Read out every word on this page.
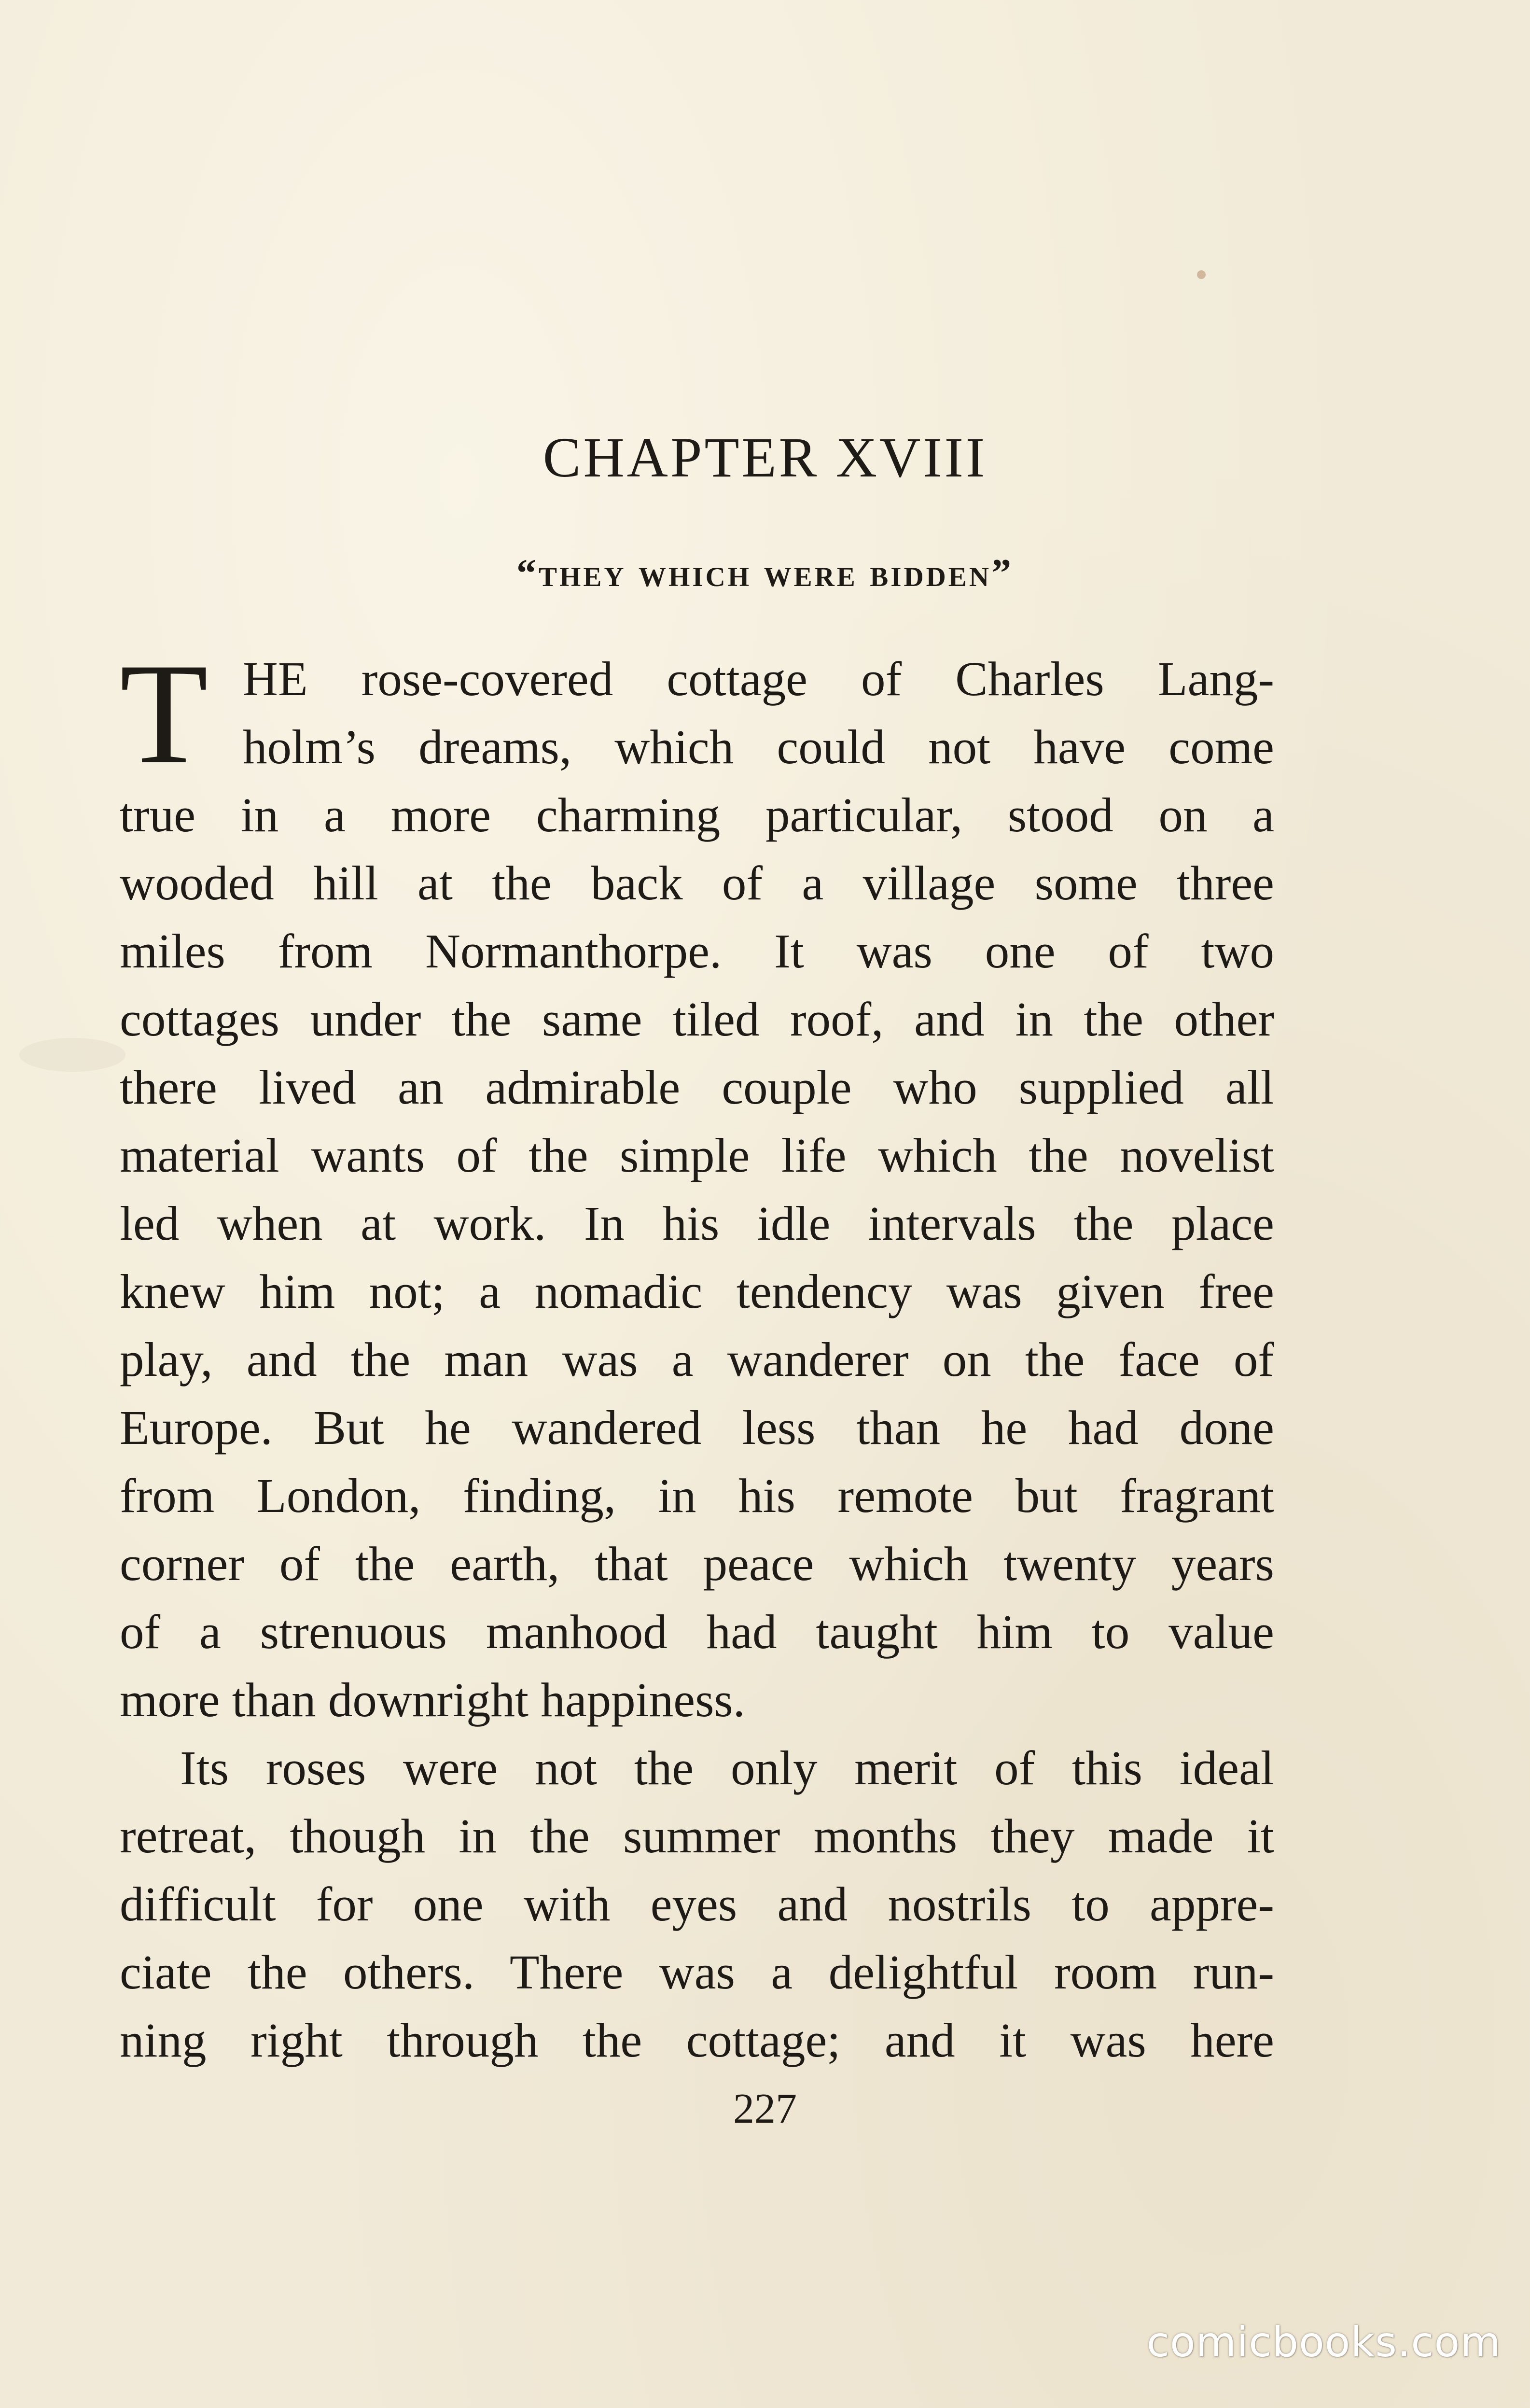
CHAPTER XVIII
“they which were bidden”
T HE rose-covered cottage of Charles Lang-
holm’s dreams, which could not have come
true in a more charming particular, stood on a
wooded hill at the back of a village some three
miles from Normanthorpe. It was one of two
cottages under the same tiled roof, and in the other
there lived an admirable couple who supplied all
material wants of the simple life which the novelist
led when at work. In his idle intervals the place
knew him not; a nomadic tendency was given free
play, and the man was a wanderer on the face of
Europe. But he wandered less than he had done
from London, finding, in his remote but fragrant
corner of the earth, that peace which twenty years
of a strenuous manhood had taught him to value
more than downright happiness.
Its roses were not the only merit of this ideal
retreat, though in the summer months they made it
difficult for one with eyes and nostrils to appre-
ciate the others. There was a delightful room run-
ning right through the cottage; and it was here

227

comicbooks.com
